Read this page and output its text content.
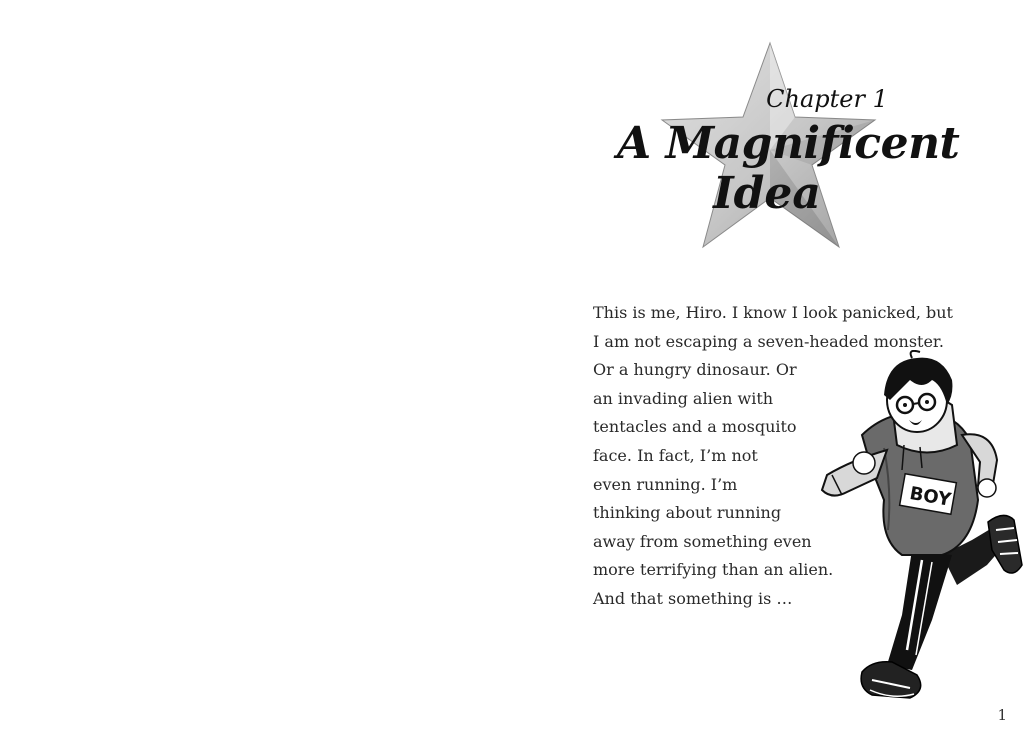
Chapter 1
A Magnificent
Idea
This is me, Hiro. I know I look panicked, but
I am not escaping a seven-headed monster.
Or a hungry dinosaur. Or
an invading alien with
tentacles and a mosquito
face. In fact, I’m not
even running. I’m
thinking about running
away from something even
more terrifying than an alien.
And that something is …
BOY
1
